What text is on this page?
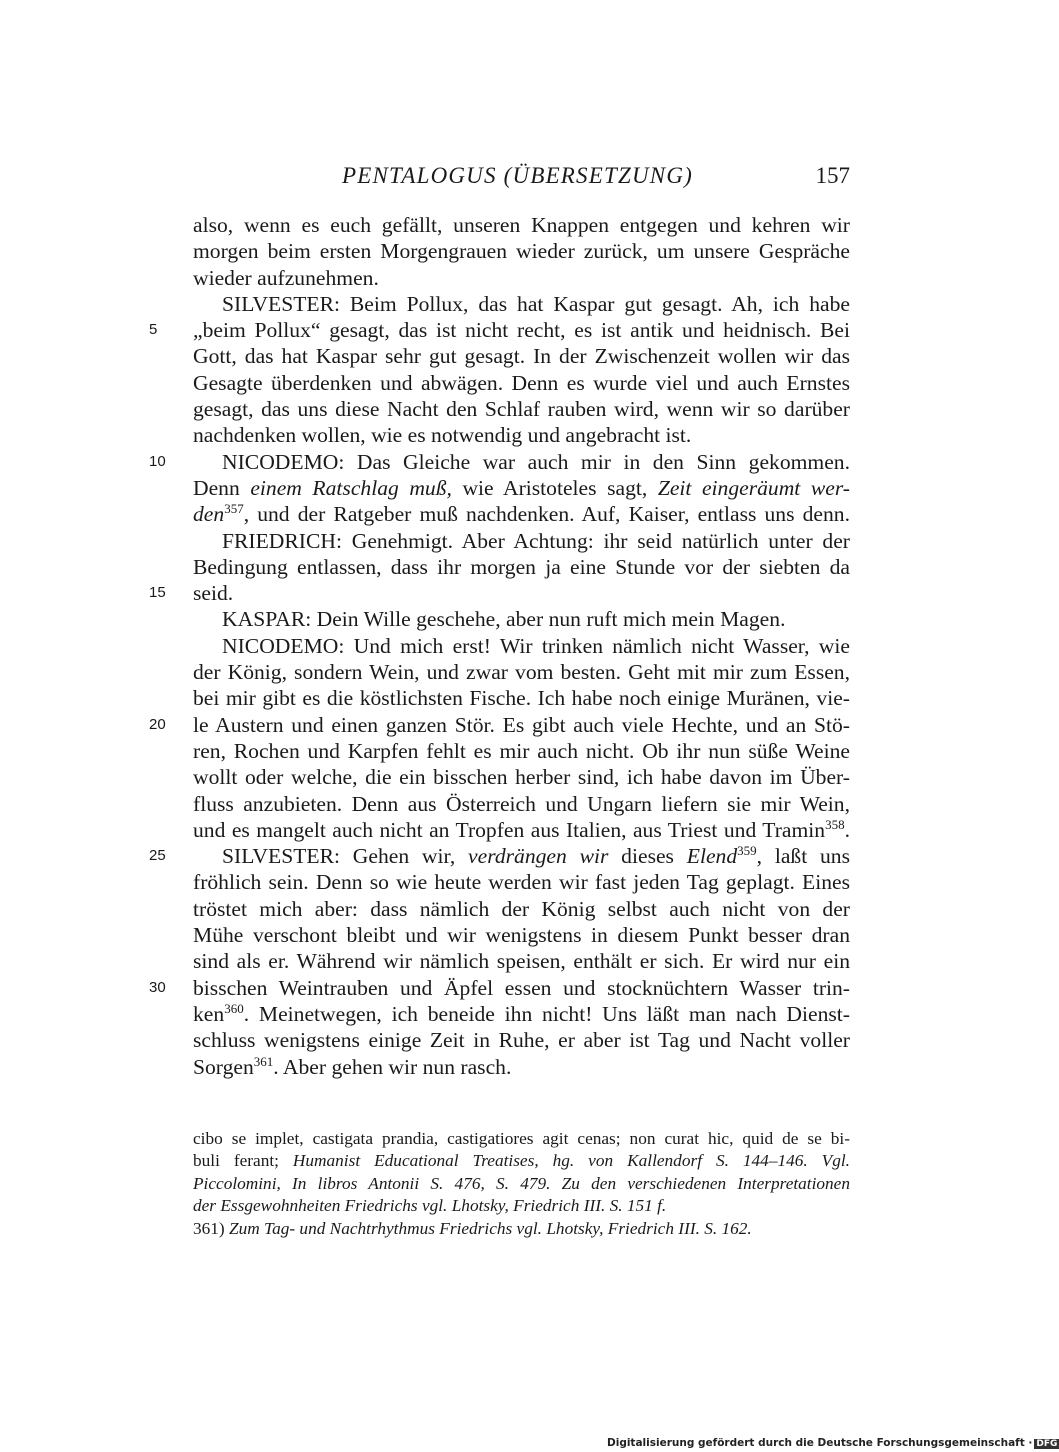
PENTALOGUS (ÜBERSETZUNG)	157
also, wenn es euch gefällt, unseren Knappen entgegen und kehren wir
morgen beim ersten Morgengrauen wieder zurück, um unsere Gespräche
wieder aufzunehmen.
SILVESTER: Beim Pollux, das hat Kaspar gut gesagt. Ah, ich habe
5 „beim Pollux“ gesagt, das ist nicht recht, es ist antik und heidnisch. Bei
Gott, das hat Kaspar sehr gut gesagt. In der Zwischenzeit wollen wir das
Gesagte überdenken und abwägen. Denn es wurde viel und auch Ernstes
gesagt, das uns diese Nacht den Schlaf rauben wird, wenn wir so darüber
nachdenken wollen, wie es notwendig und angebracht ist.
10	NICODEMO: Das Gleiche war auch mir in den Sinn gekommen.
Denn einem Ratschlag muß, wie Aristoteles sagt, Zeit eingeräumt wer-
den$^{357}$, und der Ratgeber muß nachdenken. Auf, Kaiser, entlass uns denn.
FRIEDRICH: Genehmigt. Aber Achtung: ihr seid natürlich unter der
Bedingung entlassen, dass ihr morgen ja eine Stunde vor der siebten da
15 seid.
KASPAR: Dein Wille geschehe, aber nun ruft mich mein Magen.
NICODEMO: Und mich erst! Wir trinken nämlich nicht Wasser, wie
der König, sondern Wein, und zwar vom besten. Geht mit mir zum Essen,
bei mir gibt es die köstlichsten Fische. Ich habe noch einige Muränen, vie-
20 le Austern und einen ganzen Stör. Es gibt auch viele Hechte, und an Stö-
ren, Rochen und Karpfen fehlt es mir auch nicht. Ob ihr nun süße Weine
wollt oder welche, die ein bisschen herber sind, ich habe davon im Über-
fluss anzubieten. Denn aus Österreich und Ungarn liefern sie mir Wein,
und es mangelt auch nicht an Tropfen aus Italien, aus Triest und Tramin$^{358}$.
25	SILVESTER: Gehen wir, verdrängen wir dieses Elend$^{359}$, laßt uns
fröhlich sein. Denn so wie heute werden wir fast jeden Tag geplagt. Eines
tröstet mich aber: dass nämlich der König selbst auch nicht von der
Mühe verschont bleibt und wir wenigstens in diesem Punkt besser dran
sind als er. Während wir nämlich speisen, enthält er sich. Er wird nur ein
30 bisschen Weintrauben und Äpfel essen und stocknüchtern Wasser trin-
ken$^{360}$. Meinetwegen, ich beneide ihn nicht! Uns läßt man nach Dienst-
schluss wenigstens einige Zeit in Ruhe, er aber ist Tag und Nacht voller
Sorgen$^{361}$. Aber gehen wir nun rasch.
cibo se implet, castigata prandia, castigatiores agit cenas; non curat hic, quid de se bi-
buli ferant; Humanist Educational Treatises, hg. von Kallendorf S. 144–146. Vgl.
Piccolomini, In libros Antonii S. 476, S. 479. Zu den verschiedenen Interpretationen
der Essgewohnheiten Friedrichs vgl. Lhotsky, Friedrich III. S. 151 f.
361) Zum Tag- und Nachtrhythmus Friedrichs vgl. Lhotsky, Friedrich III. S. 162.
Digitalisierung gefördert durch die Deutsche Forschungsgemeinschaft · DFG
